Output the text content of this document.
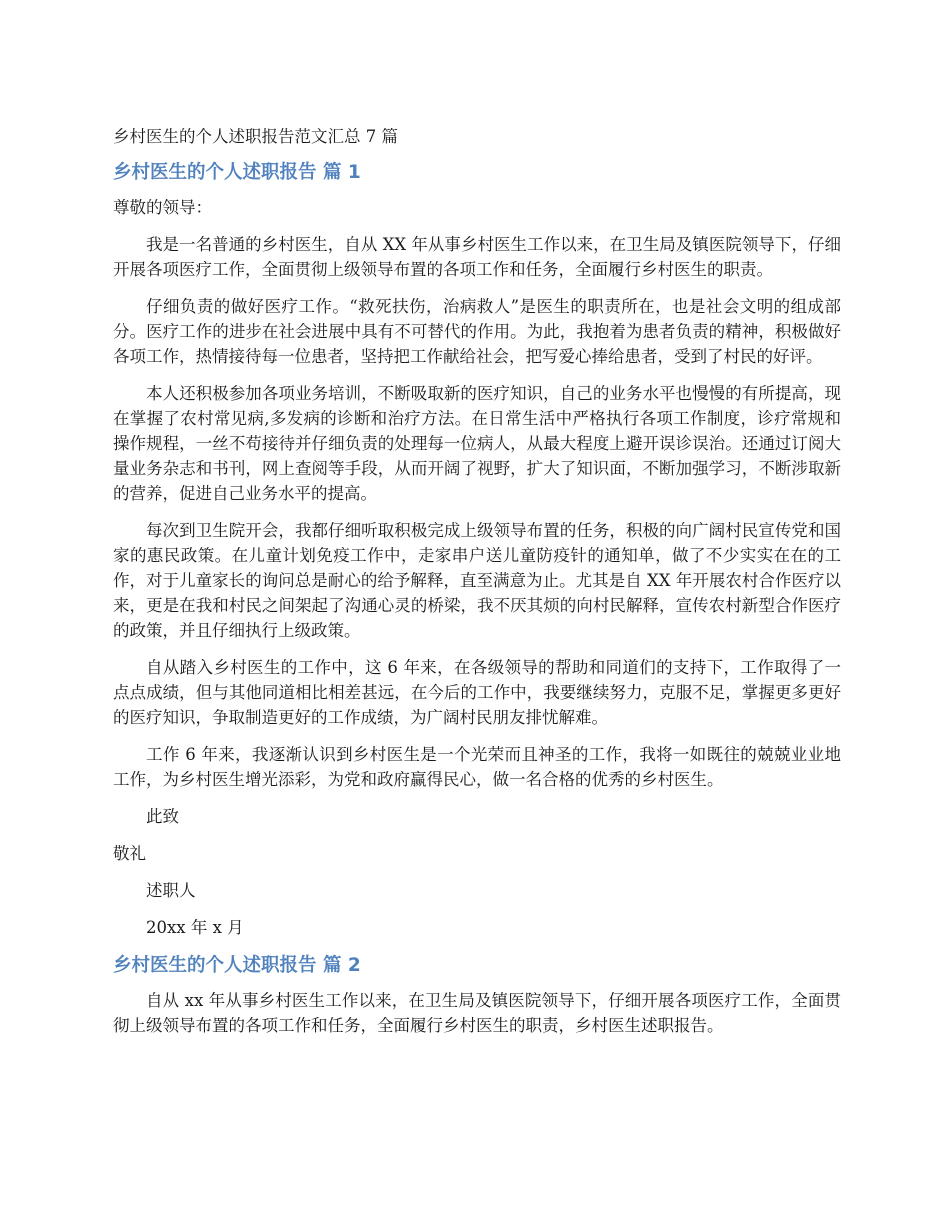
乡村医生的个人述职报告范文汇总 7 篇

乡村医生的个人述职报告 篇 1

尊敬的领导：

我是一名普通的乡村医生，自从 XX 年从事乡村医生工作以来，在卫生局及镇医院领导下，仔细开展各项医疗工作，全面贯彻上级领导布置的各项工作和任务，全面履行乡村医生的职责。

仔细负责的做好医疗工作。“救死扶伤，治病救人”是医生的职责所在，也是社会文明的组成部分。医疗工作的进步在社会进展中具有不可替代的作用。为此，我抱着为患者负责的精神，积极做好各项工作，热情接待每一位患者，坚持把工作献给社会，把写爱心捧给患者，受到了村民的好评。

本人还积极参加各项业务培训，不断吸取新的医疗知识，自己的业务水平也慢慢的有所提高，现在掌握了农村常见病,多发病的诊断和治疗方法。在日常生活中严格执行各项工作制度，诊疗常规和操作规程，一丝不苟接待并仔细负责的处理每一位病人，从最大程度上避开误诊误治。还通过订阅大量业务杂志和书刊，网上查阅等手段，从而开阔了视野，扩大了知识面，不断加强学习，不断涉取新的营养，促进自己业务水平的提高。

每次到卫生院开会，我都仔细听取积极完成上级领导布置的任务，积极的向广阔村民宣传党和国家的惠民政策。在儿童计划免疫工作中，走家串户送儿童防疫针的通知单，做了不少实实在在的工作，对于儿童家长的询问总是耐心的给予解释，直至满意为止。尤其是自 XX 年开展农村合作医疗以来，更是在我和村民之间架起了沟通心灵的桥梁，我不厌其烦的向村民解释，宣传农村新型合作医疗的政策，并且仔细执行上级政策。

自从踏入乡村医生的工作中，这 6 年来，在各级领导的帮助和同道们的支持下，工作取得了一点点成绩，但与其他同道相比相差甚远，在今后的工作中，我要继续努力，克服不足，掌握更多更好的医疗知识，争取制造更好的工作成绩，为广阔村民朋友排忧解难。

工作 6 年来，我逐渐认识到乡村医生是一个光荣而且神圣的工作，我将一如既往的兢兢业业地工作，为乡村医生增光添彩，为党和政府赢得民心，做一名合格的优秀的乡村医生。

此致

敬礼

述职人

20xx 年 x 月

乡村医生的个人述职报告 篇 2

自从 xx 年从事乡村医生工作以来，在卫生局及镇医院领导下，仔细开展各项医疗工作，全面贯彻上级领导布置的各项工作和任务，全面履行乡村医生的职责，乡村医生述职报告。
